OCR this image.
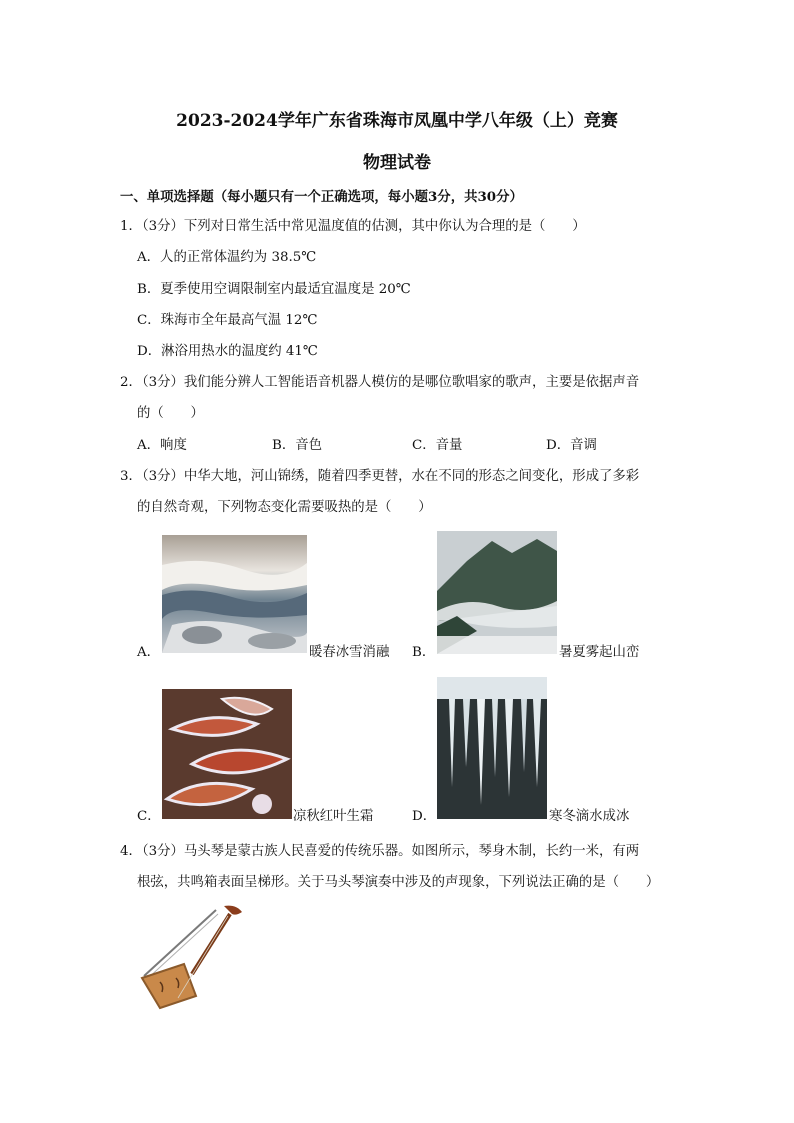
2023-2024学年广东省珠海市凤凰中学八年级（上）竞赛
物理试卷
一、单项选择题（每小题只有一个正确选项，每小题3分，共30分）
1．（3分）下列对日常生活中常见温度值的估测，其中你认为合理的是（　　）
A．人的正常体温约为 38.5℃
B．夏季使用空调限制室内最适宜温度是 20℃
C．珠海市全年最高气温 12℃
D．淋浴用热水的温度约 41℃
2．（3分）我们能分辨人工智能语音机器人模仿的是哪位歌唱家的歌声，主要是依据声音
的（　　）
A．响度	B．音色	C．音量	D．音调
3．（3分）中华大地，河山锦绣，随着四季更替，水在不同的形态之间变化，形成了多彩
的自然奇观，下列物态变化需要吸热的是（　　）
A．	暖春冰雪消融 B．	暑夏雾起山峦
C．	凉秋红叶生霜	D．	寒冬滴水成冰
4．（3分）马头琴是蒙古族人民喜爱的传统乐器。如图所示，琴身木制，长约一米，有两
根弦，共鸣箱表面呈梯形。关于马头琴演奏中涉及的声现象，下列说法正确的是（　　）
